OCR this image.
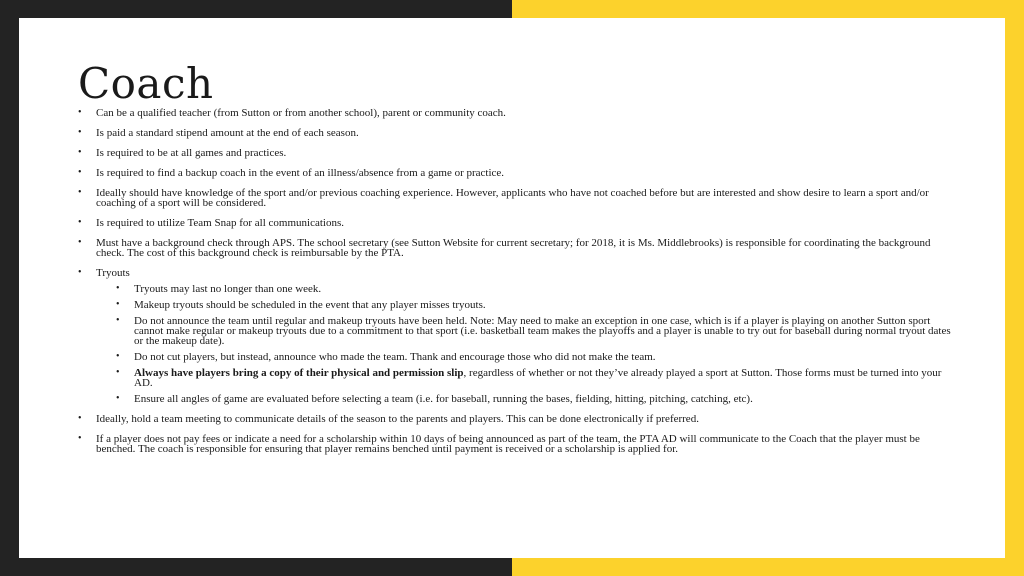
Coach
• Can be a qualified teacher (from Sutton or from another school), parent or community coach.
• Is paid a standard stipend amount at the end of each season.
• Is required to be at all games and practices.
• Is required to find a backup coach in the event of an illness/absence from a game or practice.
• Ideally should have knowledge of the sport and/or previous coaching experience. However, applicants who have not coached before but are interested and show desire to learn a sport and/or coaching of a sport will be considered.
• Is required to utilize Team Snap for all communications.
• Must have a background check through APS. The school secretary (see Sutton Website for current secretary; for 2018, it is Ms. Middlebrooks) is responsible for coordinating the background check. The cost of this background check is reimbursable by the PTA.
• Tryouts
• Tryouts may last no longer than one week.
• Makeup tryouts should be scheduled in the event that any player misses tryouts.
• Do not announce the team until regular and makeup tryouts have been held. Note: May need to make an exception in one case, which is if a player is playing on another Sutton sport cannot make regular or makeup tryouts due to a commitment to that sport (i.e. basketball team makes the playoffs and a player is unable to try out for baseball during normal tryout dates or the makeup date).
• Do not cut players, but instead, announce who made the team. Thank and encourage those who did not make the team.
• Always have players bring a copy of their physical and permission slip, regardless of whether or not they’ve already played a sport at Sutton. Those forms must be turned into your AD.
• Ensure all angles of game are evaluated before selecting a team (i.e. for baseball, running the bases, fielding, hitting, pitching, catching, etc).
• Ideally, hold a team meeting to communicate details of the season to the parents and players. This can be done electronically if preferred.
• If a player does not pay fees or indicate a need for a scholarship within 10 days of being announced as part of the team, the PTA AD will communicate to the Coach that the player must be benched. The coach is responsible for ensuring that player remains benched until payment is received or a scholarship is applied for.
